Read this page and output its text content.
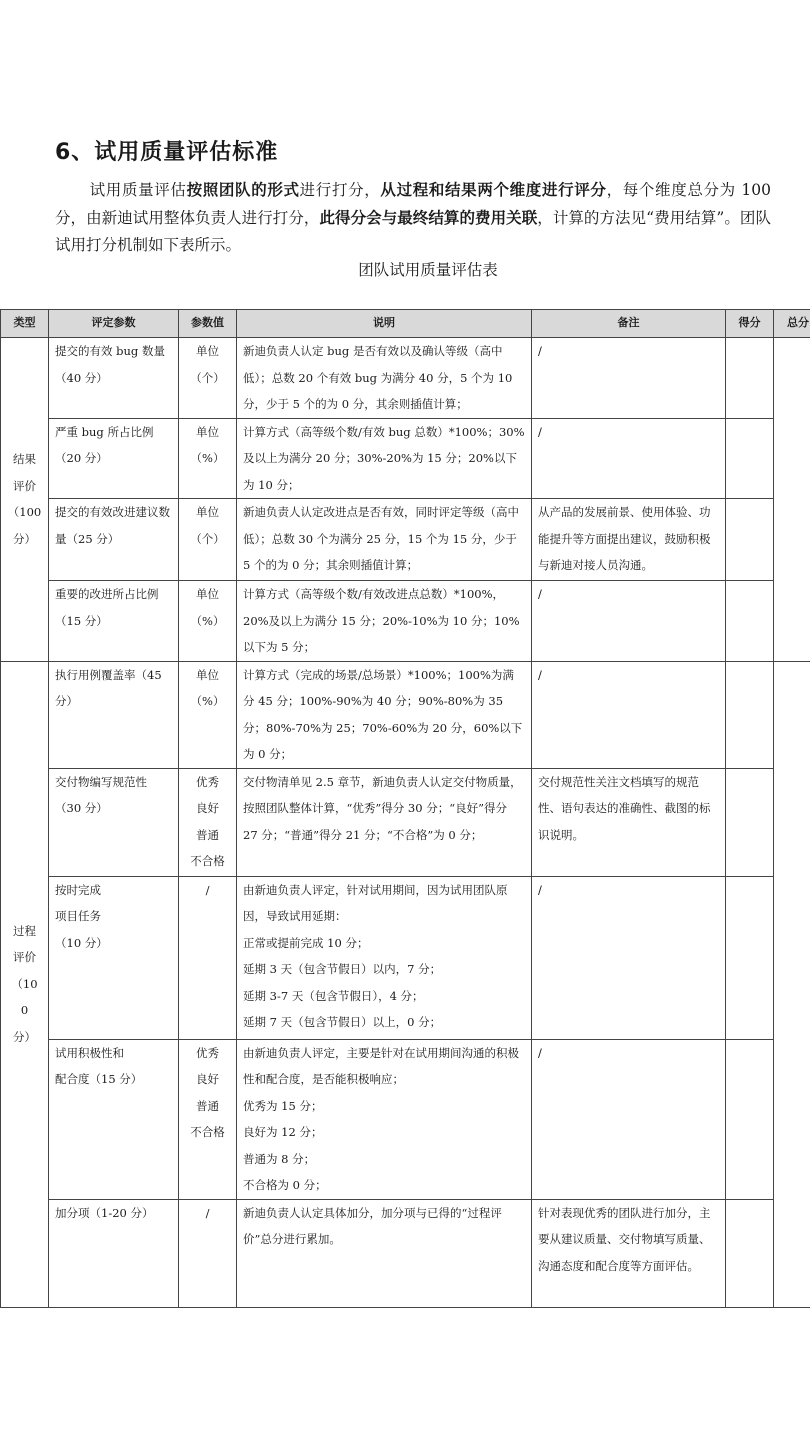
6、试用质量评估标准
试用质量评估按照团队的形式进行打分，从过程和结果两个维度进行评分，每个维度总分为 100 分，由新迪试用整体负责人进行打分，此得分会与最终结算的费用关联，计算的方法见“费用结算”。团队试用打分机制如下表所示。
团队试用质量评估表
类型	评定参数	参数值	说明	备注	得分	总分
结果
评价
（100
分）	提交的有效 bug 数量（40 分）	单位
（个）	新迪负责人认定 bug 是否有效以及确认等级（高中低）；总数 20 个有效 bug 为满分 40 分，5 个为 10 分，少于 5 个的为 0 分，其余则插值计算；	/		
	严重 bug 所占比例（20 分）	单位
（%）	计算方式（高等级个数/有效 bug 总数）*100%；30%及以上为满分 20 分；30%-20%为 15 分；20%以下为 10 分；	/		
	提交的有效改进建议数量（25 分）	单位
（个）	新迪负责人认定改进点是否有效，同时评定等级（高中低）；总数 30 个为满分 25 分，15 个为 15 分，少于 5 个的为 0 分；其余则插值计算；	从产品的发展前景、使用体验、功能提升等方面提出建议，鼓励积极与新迪对接人员沟通。		
	重要的改进所占比例（15 分）	单位
（%）	计算方式（高等级个数/有效改进点总数）*100%，20%及以上为满分 15 分；20%-10%为 10 分；10%以下为 5 分；	/		
过程
评价
（10
0
分）	执行用例覆盖率（45 分）	单位
（%）	计算方式（完成的场景/总场景）*100%；100%为满分 45 分；100%-90%为 40 分；90%-80%为 35 分；80%-70%为 25；70%-60%为 20 分，60%以下为 0 分；	/		
	交付物编写规范性（30 分）	优秀
良好
普通
不合格	交付物清单见 2.5 章节，新迪负责人认定交付物质量，按照团队整体计算，“优秀”得分 30 分；“良好”得分 27 分；“普通”得分 21 分；“不合格”为 0 分；	交付规范性关注文档填写的规范性、语句表达的准确性、截图的标识说明。		
	按时完成
项目任务
（10 分）	/	由新迪负责人评定，针对试用期间，因为试用团队原因，导致试用延期：
正常或提前完成 10 分；
延期 3 天（包含节假日）以内，7 分；
延期 3-7 天（包含节假日），4 分；
延期 7 天（包含节假日）以上，0 分；	/		
	试用积极性和
配合度（15 分）	优秀
良好
普通
不合格	由新迪负责人评定，主要是针对在试用期间沟通的积极性和配合度，是否能积极响应；
优秀为 15 分；
良好为 12 分；
普通为 8 分；
不合格为 0 分；	/		
	加分项（1-20 分）	/	新迪负责人认定具体加分，加分项与已得的“过程评价”总分进行累加。	针对表现优秀的团队进行加分，主要从建议质量、交付物填写质量、沟通态度和配合度等方面评估。		
